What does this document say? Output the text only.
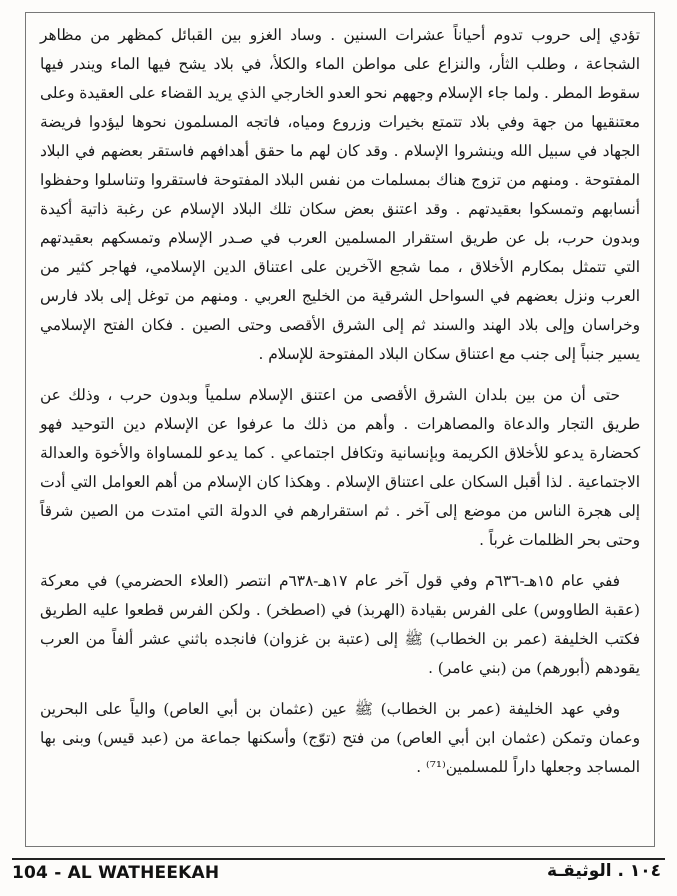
تؤدي إلى حروب تدوم أحياناً عشرات السنين . وساد الغزو بين القبائل كمظهر من مظاهر الشجاعة ، وطلب الثأر، والنزاع على مواطن الماء والكلأ، في بلاد يشح فيها الماء ويندر فيها سقوط المطر . ولما جاء الإسلام وجههم نحو العدو الخارجي الذي يريد القضاء على العقيدة وعلى معتنقيها من جهة وفي بلاد تتمتع بخيرات وزروع ومياه، فاتجه المسلمون نحوها ليؤدوا فريضة الجهاد في سبيل الله وينشروا الإسلام . وقد كان لهم ما حقق أهدافهم فاستقر بعضهم في البلاد المفتوحة . ومنهم من تزوج هناك بمسلمات من نفس البلاد المفتوحة فاستقروا وتناسلوا وحفظوا أنسابهم وتمسكوا بعقيدتهم . وقد اعتنق بعض سكان تلك البلاد الإسلام عن رغبة ذاتية أكيدة وبدون حرب، بل عن طريق استقرار المسلمين العرب في صـدر الإسلام وتمسكهم بعقيدتهم التي تتمثل بمكارم الأخلاق ، مما شجع الآخرين على اعتناق الدين الإسلامي، فهاجر كثير من العرب ونزل بعضهم في السواحل الشرقية من الخليج العربي . ومنهم من توغل إلى بلاد فارس وخراسان وإلى بلاد الهند والسند ثم إلى الشرق الأقصى وحتى الصين . فكان الفتح الإسلامي يسير جنباً إلى جنب مع اعتناق سكان البلاد المفتوحة للإسلام .

حتى أن من بين بلدان الشرق الأقصى من اعتنق الإسلام سلمياً وبدون حرب ، وذلك عن طريق التجار والدعاة والمصاهرات . وأهم من ذلك ما عرفوا عن الإسلام دين التوحيد فهو كحضارة يدعو للأخلاق الكريمة وبإنسانية وتكافل اجتماعي . كما يدعو للمساواة والأخوة والعدالة الاجتماعية . لذا أقبل السكان على اعتناق الإسلام . وهكذا كان الإسلام من أهم العوامل التي أدت إلى هجرة الناس من موضع إلى آخر . ثم استقرارهم في الدولة التي امتدت من الصين شرقاً وحتى بحر الظلمات غرباً .

ففي عام ١٥هـ-٦٣٦م وفي قول آخر عام ١٧هـ-٦٣٨م انتصر (العلاء الحضرمي) في معركة (عقبة الطاووس) على الفرس بقيادة (الهربذ) في (اصطخر) . ولكن الفرس قطعوا عليه الطريق فكتب الخليفة (عمر بن الخطاب) ﷺ إلى (عتبة بن غزوان) فانجده باثني عشر ألفاً من العرب يقودهم (أبورهم) من (بني عامر) .

وفي عهد الخليفة (عمر بن الخطاب) ﷺ عين (عثمان بن أبي العاص) والياً على البحرين وعمان وتمكن (عثمان ابن أبي العاص) من فتح (توّج) وأسكنها جماعة من (عبد قيس) وبنى بها المساجد وجعلها داراً للمسلمين⁽⁷¹⁾ .

104 - AL WATHEEKAH	١٠٤ . الوثيقـة
